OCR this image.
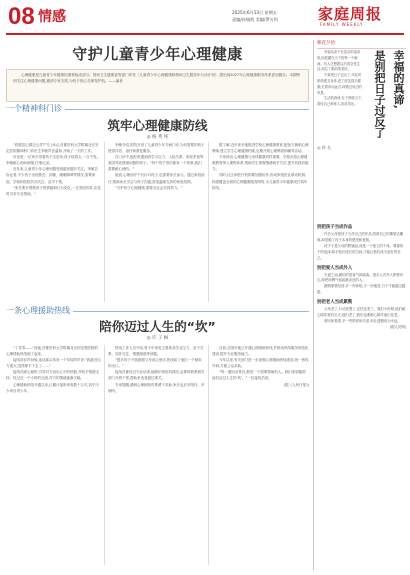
08 情感	2025年6月13日 星期五
责编/孙瑞凯 美编/罗万科	家庭周报
FAMILY WEEKLY
守护儿童青少年心理健康
心理健康是儿童青少年健康的重要组成部分。国家卫生健康委等部门印发《儿童青少年心理健康和精神卫生服务年行动计划》,提出到2027年心理健康服务体系更加健全。本期特别关注心理健康问题,邀请专家支招,为孩子的心灵保驾护航。——编者
一个精神科门诊
筑牢心理健康防线
◎ 杨 秀 纯

“你感觉心情怎么样?”早上8点,首都医科大学附属北京安定医院精神科门诊医生李敏声音温和,开始了一天的工作。

诊室里,一位家长带着孩子走进来,孩子低着头,一言不发。李敏耐心询问病情,仔细记录。

近年来,儿童青少年心理问题受到越来越多关注。李敏告诉记者,不少孩子出现焦虑、抑郁、睡眠障碍等情况,需要家庭、学校和医院共同关注、及早干预。

“家长要多观察孩子的情绪和行为变化,一旦发现异常,应及时寻求专业帮助。”

李敏介绍,医院开设了儿童青少年专病门诊,为有需要的孩子提供评估、治疗和康复服务。

在门诊中,她经常遇到因学习压力、人际关系、家庭矛盾等原因导致情绪问题的孩子。“每个孩子背后都有一个故事,我们需要耐心倾听。”

她说,心理治疗不仅针对孩子,也需要家长参与。通过家庭治疗,帮助家长学会与孩子沟通,营造温暖支持的家庭氛围。

“守护孩子心理健康,需要全社会共同努力。”

据了解,近年来多地推进学校心理健康教育,配备专兼职心理教师,建立学生心理健康档案,定期开展心理筛查和辅导活动。

专家指出,心理健康与身体健康同样重要。学校应将心理健康教育纳入课程体系,帮助学生掌握情绪调节方法,提升抗挫折能力。

同时,社区和医疗机构要加强协作,形成家校医社联动机制,构建覆盖全面的心理健康服务网络,为儿童青少年健康成长筑牢防线。

一条心理援助热线
陪你迈过人生的“坎”
◎ 许 子 枫

“丁零零——”深夜,首都医科大学附属北京回龙观医院的心理援助热线响了起来。

接线员轻声问候,电话那头传来一个年轻的声音:“我最近压力很大,觉得撑不下去了……”

接线员耐心倾听,引导对方说出心中的烦恼,并给予情绪支持。经过近一个小时的交流,对方的情绪逐渐平稳。

心理援助热线开通以来,已累计接听来电数十万次,其中不少来自青少年。

热线工作人员介绍,青少年来电主要涉及学业压力、亲子关系、同伴交往、情感困惑等问题。

“很多孩子不愿意跟父母说心里话,热线给了他们一个倾诉的出口。”

接线员都经过专业培训,能够识别危机情况,必要时联系相关部门开展干预,帮助来电者渡过难关。

专家提醒,遇到心理困扰时要勇于求助,家长也应多陪伴、多倾听。

目前,全国多地已开通心理援助热线,并推动热线服务规范化建设,提升专业服务能力。

今年以来,有关部门进一步加强心理援助热线建设,统一热线号码,方便公众求助。

“每一通电话背后,都是一个需要帮助的人。我们希望能陪他们迈过人生的‘坎’。”一位接线员说。

(据《人民日报》)

朝花夕拾

幸福从来不在复杂的追求里,而是藏在当下的每一个瞬间。有人总想着以后再享受生活,却忘了眼前的美好。

不要把日子过反了:年轻时拼命透支身体,老了再花钱买健康;忙着奔向远方,却错过身边的风景。

生活的真谛,在于珍惜当下,善待自己和家人,知足常乐。	幸福的真谛,
是别把日子过反了
◎ 佚 名
别把孩子当成作品

许多父母把孩子当作自己的作品,按照自己的期望去雕琢,却忽略了孩子本身的感受和意愿。

孩子不是父母的附属品,而是一个独立的个体。尊重孩子的选择,给予他们成长的空间,才能让他们成为更好的自己。

别把爱人当成外人

夫妻之间,最怕的是客气和疏离。很多人对外人彬彬有礼,却把坏脾气留给最亲近的人。

婚姻需要经营,多一份体贴,少一份抱怨,日子才能越过越甜。

别把老人当成累赘

父母老了,行动变慢了,记性变差了。我们小时候,他们耐心陪伴我们长大;他们老了,我们也要耐心陪伴他们变老。

常回家看看,多一些陪伴和关爱,别让遗憾成为永远。

(据人民网)
